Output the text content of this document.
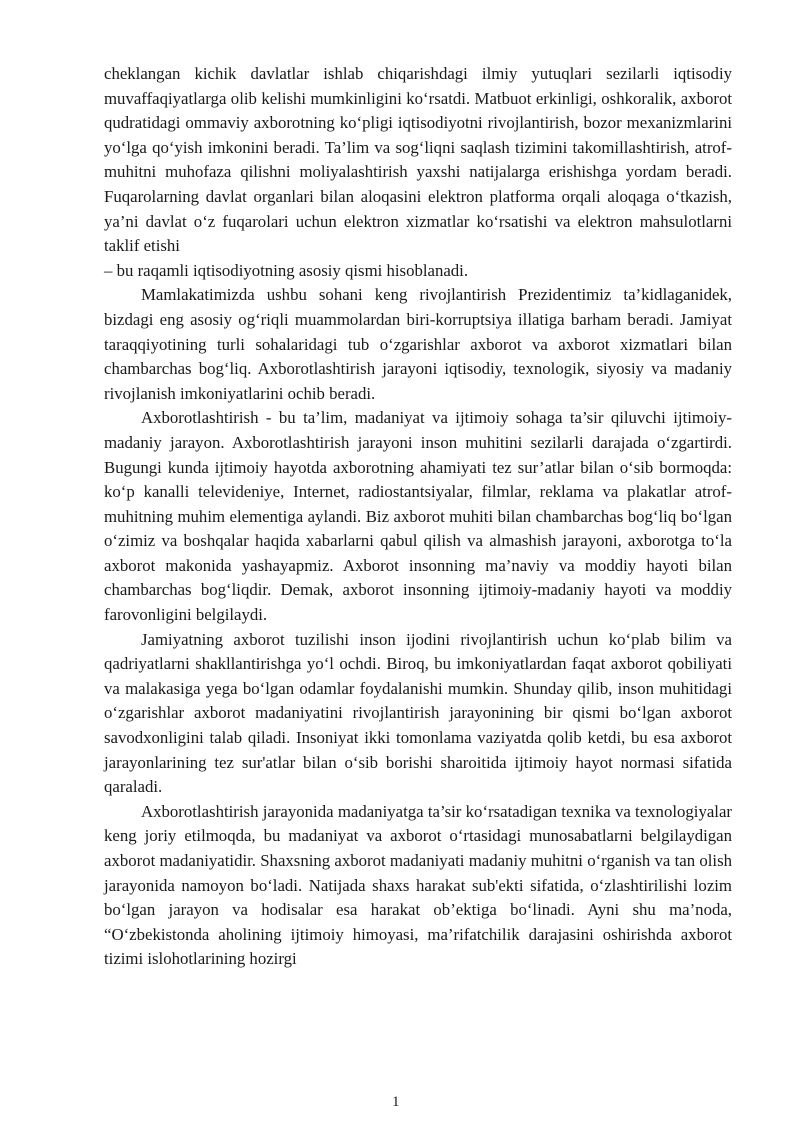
cheklangan kichik davlatlar ishlab chiqarishdagi ilmiy yutuqlari sezilarli iqtisodiy muvaffaqiyatlarga olib kelishi mumkinligini ko‘rsatdi. Matbuot erkinligi, oshkoralik, axborot qudratidagi ommaviy axborotning ko‘pligi iqtisodiyotni rivojlantirish, bozor mexanizmlarini yo‘lga qo‘yish imkonini beradi. Ta’lim va sog‘liqni saqlash tizimini takomillashtirish, atrof-muhitni muhofaza qilishni moliyalashtirish yaxshi natijalarga erishishga yordam beradi. Fuqarolarning davlat organlari bilan aloqasini elektron platforma orqali aloqaga o‘tkazish, ya’ni davlat o‘z fuqarolari uchun elektron xizmatlar ko‘rsatishi va elektron mahsulotlarni taklif etishi

– bu raqamli iqtisodiyotning asosiy qismi hisoblanadi.

Mamlakatimizda ushbu sohani keng rivojlantirish Prezidentimiz ta’kidlaganidek, bizdagi eng asosiy og‘riqli muammolardan biri-korruptsiya illatiga barham beradi. Jamiyat taraqqiyotining turli sohalaridagi tub o‘zgarishlar axborot va axborot xizmatlari bilan chambarchas bog‘liq. Axborotlashtirish jarayoni iqtisodiy, texnologik, siyosiy va madaniy rivojlanish imkoniyatlarini ochib beradi.

Axborotlashtirish - bu ta’lim, madaniyat va ijtimoiy sohaga ta’sir qiluvchi ijtimoiy-madaniy jarayon. Axborotlashtirish jarayoni inson muhitini sezilarli darajada o‘zgartirdi. Bugungi kunda ijtimoiy hayotda axborotning ahamiyati tez sur’atlar bilan o‘sib bormoqda: ko‘p kanalli televideniye, Internet, radiostantsiyalar, filmlar, reklama va plakatlar atrof-muhitning muhim elementiga aylandi. Biz axborot muhiti bilan chambarchas bog‘liq bo‘lgan o‘zimiz va boshqalar haqida xabarlarni qabul qilish va almashish jarayoni, axborotga to‘la axborot makonida yashayapmiz. Axborot insonning ma’naviy va moddiy hayoti bilan chambarchas bog‘liqdir. Demak, axborot insonning ijtimoiy-madaniy hayoti va moddiy farovonligini belgilaydi.

Jamiyatning axborot tuzilishi inson ijodini rivojlantirish uchun ko‘plab bilim va qadriyatlarni shakllantirishga yo‘l ochdi. Biroq, bu imkoniyatlardan faqat axborot qobiliyati va malakasiga yega bo‘lgan odamlar foydalanishi mumkin. Shunday qilib, inson muhitidagi o‘zgarishlar axborot madaniyatini rivojlantirish jarayonining bir qismi bo‘lgan axborot savodxonligini talab qiladi. Insoniyat ikki tomonlama vaziyatda qolib ketdi, bu esa axborot jarayonlarining tez sur'atlar bilan o‘sib borishi sharoitida ijtimoiy hayot normasi sifatida qaraladi.

Axborotlashtirish jarayonida madaniyatga ta’sir ko‘rsatadigan texnika va texnologiyalar keng joriy etilmoqda, bu madaniyat va axborot o‘rtasidagi munosabatlarni belgilaydigan axborot madaniyatidir. Shaxsning axborot madaniyati madaniy muhitni o‘rganish va tan olish jarayonida namoyon bo‘ladi. Natijada shaxs harakat sub'ekti sifatida, o‘zlashtirilishi lozim bo‘lgan jarayon va hodisalar esa harakat ob’ektiga bo‘linadi. Ayni shu ma’noda, “O‘zbekistonda aholining ijtimoiy himoyasi, ma’rifatchilik darajasini oshirishda axborot tizimi islohotlarining hozirgi

1
